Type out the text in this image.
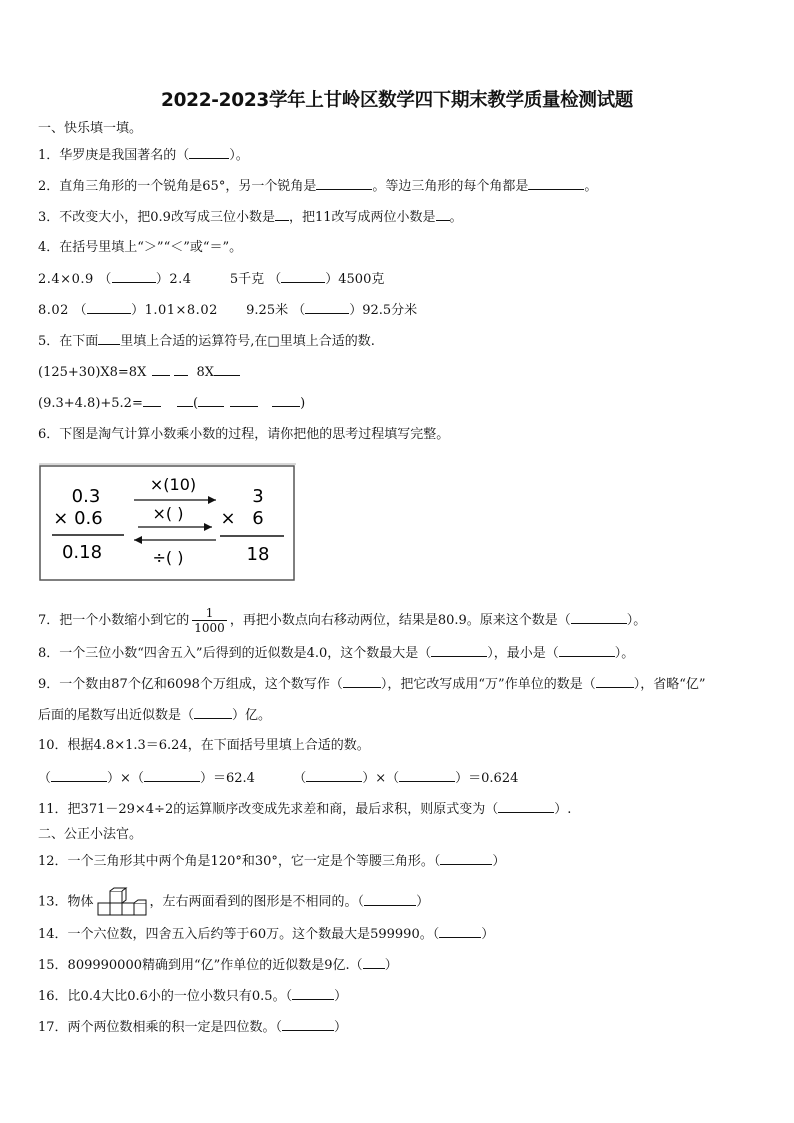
2022-2023学年上甘岭区数学四下期末教学质量检测试题
一、快乐填一填。
1．华罗庚是我国著名的（	）。
2．直角三角形的一个锐角是65°，另一个锐角是	。等边三角形的每个角都是	。
3．不改变大小，把0.9改写成三位小数是 ，把11改写成两位小数是 。
4．在括号里填上“＞”“＜”或“＝”。
2.4×0.9 （	）2.4	5千克 （	）4500克
8.02 （	）1.01×8.02 9.25米 （	）92.5分米
5．在下面 里填上合适的运算符号,在□里填上合适的数.
(125+30)X8=8X	8X
(9.3+4.8)+5.2=	(	)
6．下图是淘气计算小数乘小数的过程，请你把他的思考过程填写完整。
0.3
× 0.6
0.18
×(10)
×( )
÷( )
3
× 6
18
7．把一个小数缩小到它的 $\frac{1}{1000}$ ，再把小数点向右移动两位，结果是80.9。原来这个数是（	）。
8．一个三位小数“四舍五入”后得到的近似数是4.0，这个数最大是（	），最小是（	）。
9．一个数由87个亿和6098个万组成，这个数写作（	），把它改写成用“万”作单位的数是（	），省略“亿”
后面的尾数写出近似数是（	）亿。
10．根据4.8×1.3＝6.24，在下面括号里填上合适的数。
（	）×（	）＝62.4	（	）×（	）＝0.624
11．把371－29×4÷2的运算顺序改变成先求差和商，最后求积，则原式变为（	）.
二、公正小法官。
12．一个三角形其中两个角是120°和30°，它一定是个等腰三角形。（	）
13．物体	，左右两面看到的图形是不相同的。（	）
14．一个六位数，四舍五入后约等于60万。这个数最大是599990。（	）
15．809990000精确到用“亿”作单位的近似数是9亿.（ ）
16．比0.4大比0.6小的一位小数只有0.5。（	）
17．两个两位数相乘的积一定是四位数。（	）
